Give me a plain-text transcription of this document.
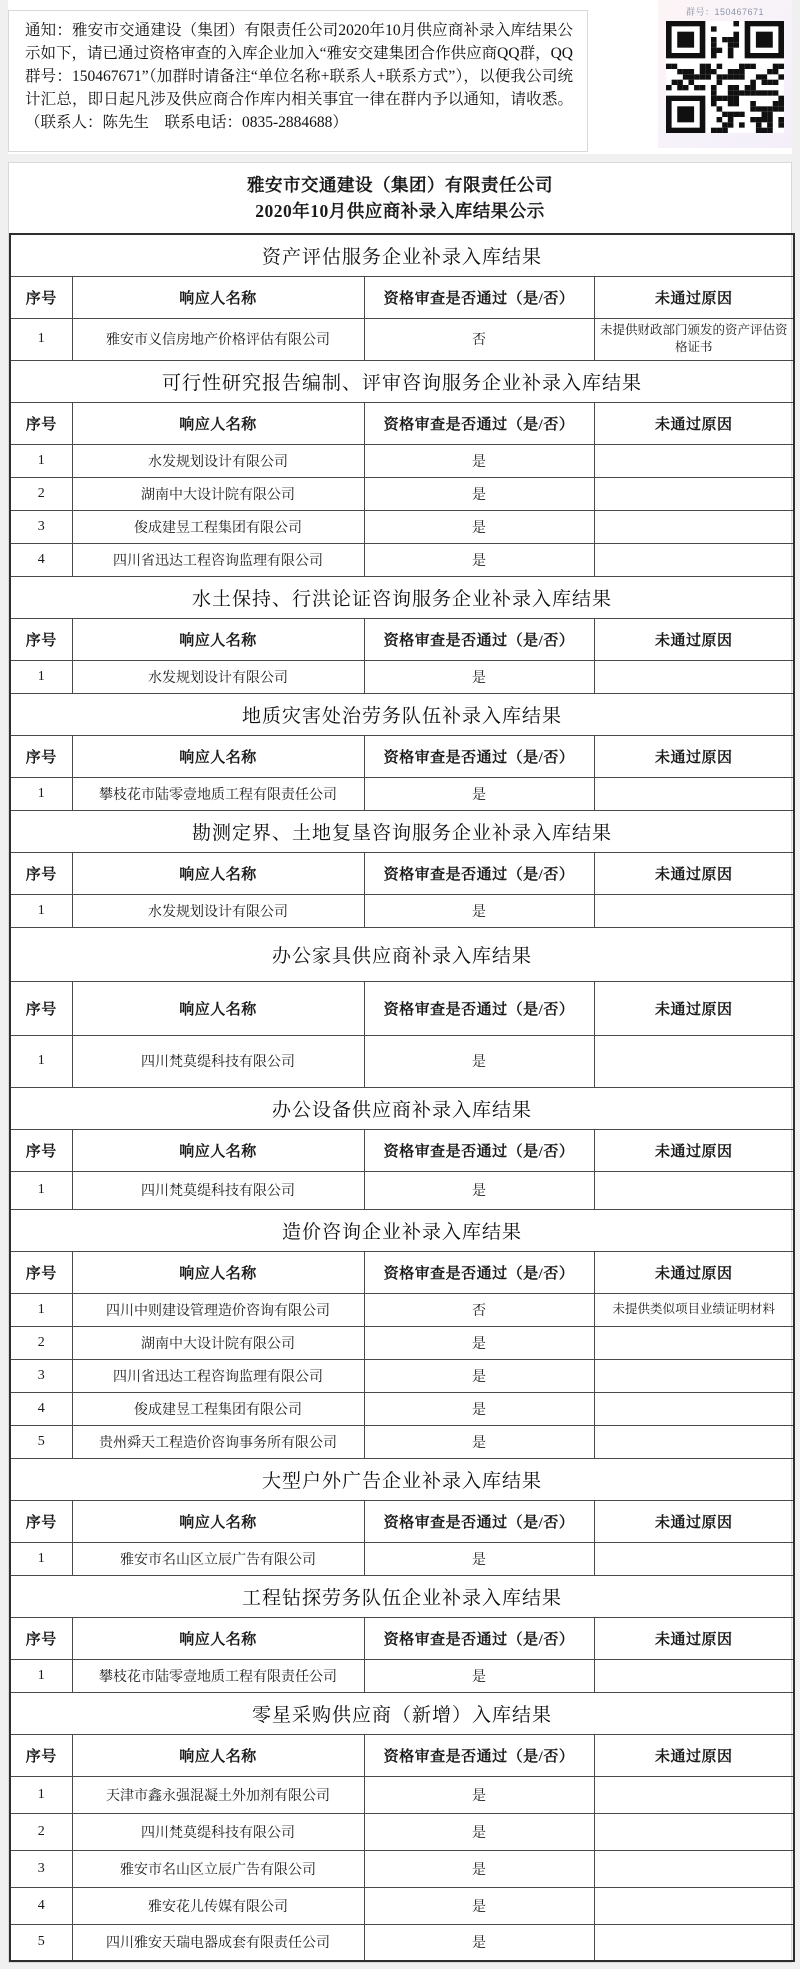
通知：雅安市交通建设（集团）有限责任公司2020年10月供应商补录入库结果公示如下，请已通过资格审查的入库企业加入“雅安交建集团合作供应商QQ群，QQ群号：150467671”（加群时请备注“单位名称+联系人+联系方式”），以便我公司统计汇总，即日起凡涉及供应商合作库内相关事宜一律在群内予以通知，请收悉。（联系人：陈先生　联系电话：0835-2884688）

群号：150467671
雅安市交通建设（集团）有限责任公司
2020年10月供应商补录入库结果公示
资产评估服务企业补录入库结果			
序号	响应人名称	资格审查是否通过（是/否）	未通过原因
1	雅安市义信房地产价格评估有限公司	否	未提供财政部门颁发的资产评估资格证书
可行性研究报告编制、评审咨询服务企业补录入库结果			
序号	响应人名称	资格审查是否通过（是/否）	未通过原因
1	水发规划设计有限公司	是	
2	湖南中大设计院有限公司	是	
3	俊成建昱工程集团有限公司	是	
4	四川省迅达工程咨询监理有限公司	是	
水土保持、行洪论证咨询服务企业补录入库结果			
序号	响应人名称	资格审查是否通过（是/否）	未通过原因
1	水发规划设计有限公司	是	
地质灾害处治劳务队伍补录入库结果			
序号	响应人名称	资格审查是否通过（是/否）	未通过原因
1	攀枝花市陆零壹地质工程有限责任公司	是	
勘测定界、土地复垦咨询服务企业补录入库结果			
序号	响应人名称	资格审查是否通过（是/否）	未通过原因
1	水发规划设计有限公司	是	
办公家具供应商补录入库结果			
序号	响应人名称	资格审查是否通过（是/否）	未通过原因
1	四川梵莫缇科技有限公司	是	
办公设备供应商补录入库结果			
序号	响应人名称	资格审查是否通过（是/否）	未通过原因
1	四川梵莫缇科技有限公司	是	
造价咨询企业补录入库结果			
序号	响应人名称	资格审查是否通过（是/否）	未通过原因
1	四川中则建设管理造价咨询有限公司	否	未提供类似项目业绩证明材料
2	湖南中大设计院有限公司	是	
3	四川省迅达工程咨询监理有限公司	是	
4	俊成建昱工程集团有限公司	是	
5	贵州舜天工程造价咨询事务所有限公司	是	
大型户外广告企业补录入库结果			
序号	响应人名称	资格审查是否通过（是/否）	未通过原因
1	雅安市名山区立辰广告有限公司	是	
工程钻探劳务队伍企业补录入库结果			
序号	响应人名称	资格审查是否通过（是/否）	未通过原因
1	攀枝花市陆零壹地质工程有限责任公司	是	
零星采购供应商（新增）入库结果			
序号	响应人名称	资格审查是否通过（是/否）	未通过原因
1	天津市鑫永强混凝土外加剂有限公司	是	
2	四川梵莫缇科技有限公司	是	
3	雅安市名山区立辰广告有限公司	是	
4	雅安花儿传媒有限公司	是	
5	四川雅安天瑞电器成套有限责任公司	是	
